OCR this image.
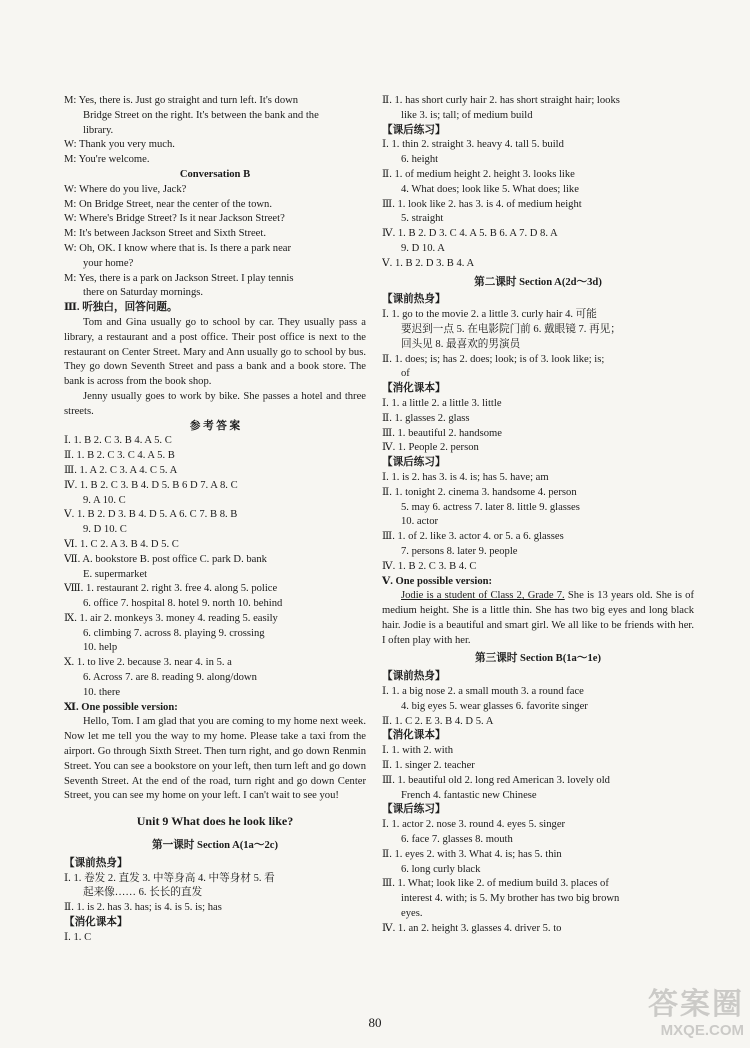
M: Yes, there is. Just go straight and turn left. It's down
Bridge Street on the right. It's between the bank and the
library.
W: Thank you very much.
M: You're welcome.
Conversation B
W: Where do you live, Jack?
M: On Bridge Street, near the center of the town.
W: Where's Bridge Street? Is it near Jackson Street?
M: It's between Jackson Street and Sixth Street.
W: Oh, OK. I know where that is. Is there a park near
your home?
M: Yes, there is a park on Jackson Street. I play tennis
there on Saturday mornings.
Ⅲ. 听独白，回答问题。
Tom and Gina usually go to school by car. They usually pass a library, a restaurant and a post office. Their post office is next to the restaurant on Center Street. Mary and Ann usually go to school by bus. They go down Seventh Street and pass a bank and a book store. The bank is across from the book shop.
Jenny usually goes to work by bike. She passes a hotel and three streets.
参 考 答 案
Ⅰ. 1. B 2. C 3. B 4. A 5. C
Ⅱ. 1. B 2. C 3. C 4. A 5. B
Ⅲ. 1. A 2. C 3. A 4. C 5. A
Ⅳ. 1. B 2. C 3. B 4. D 5. B 6 D 7. A 8. C
9. A 10. C
Ⅴ. 1. B 2. D 3. B 4. D 5. A 6. C 7. B 8. B
9. D 10. C
Ⅵ. 1. C 2. A 3. B 4. D 5. C
Ⅶ. A. bookstore B. post office C. park D. bank
E. supermarket
Ⅷ. 1. restaurant 2. right 3. free 4. along 5. police
6. office 7. hospital 8. hotel 9. north 10. behind
Ⅸ. 1. air 2. monkeys 3. money 4. reading 5. easily
6. climbing 7. across 8. playing 9. crossing
10. help
Ⅹ. 1. to live 2. because 3. near 4. in 5. a
6. Across 7. are 8. reading 9. along/down
10. there
Ⅺ. One possible version:
Hello, Tom. I am glad that you are coming to my home next week. Now let me tell you the way to my home. Please take a taxi from the airport. Go through Sixth Street. Then turn right, and go down Renmin Street. You can see a bookstore on your left, then turn left and go down Seventh Street. At the end of the road, turn right and go down Center Street, you can see my home on your left. I can't wait to see you!
Unit 9 What does he look like?
第一课时 Section A(1a～2c)
【课前热身】
Ⅰ. 1. 卷发 2. 直发 3. 中等身高 4. 中等身材 5. 看
起来像…… 6. 长长的直发
Ⅱ. 1. is 2. has 3. has; is 4. is 5. is; has
【消化课本】
Ⅰ. 1. C
Ⅱ. 1. has short curly hair 2. has short straight hair; looks
like 3. is; tall; of medium build
【课后练习】
Ⅰ. 1. thin 2. straight 3. heavy 4. tall 5. build
6. height
Ⅱ. 1. of medium height 2. height 3. looks like
4. What does; look like 5. What does; like
Ⅲ. 1. look like 2. has 3. is 4. of medium height
5. straight
Ⅳ. 1. B 2. D 3. C 4. A 5. B 6. A 7. D 8. A
9. D 10. A
Ⅴ. 1. B 2. D 3. B 4. A
第二课时 Section A(2d～3d)
【课前热身】
Ⅰ. 1. go to the movie 2. a little 3. curly hair 4. 可能
要迟到一点 5. 在电影院门前 6. 戴眼镜 7. 再见；
回头见 8. 最喜欢的男演员
Ⅱ. 1. does; is; has 2. does; look; is of 3. look like; is;
of
【消化课本】
Ⅰ. 1. a little 2. a little 3. little
Ⅱ. 1. glasses 2. glass
Ⅲ. 1. beautiful 2. handsome
Ⅳ. 1. People 2. person
【课后练习】
Ⅰ. 1. is 2. has 3. is 4. is; has 5. have; am
Ⅱ. 1. tonight 2. cinema 3. handsome 4. person
5. may 6. actress 7. later 8. little 9. glasses
10. actor
Ⅲ. 1. of 2. like 3. actor 4. or 5. a 6. glasses
7. persons 8. later 9. people
Ⅳ. 1. B 2. C 3. B 4. C
Ⅴ. One possible version:
Jodie is a student of Class 2, Grade 7. She is 13 years old. She is of medium height. She is a little thin. She has two big eyes and long black hair. Jodie is a beautiful and smart girl. We all like to be friends with her. I often play with her.
第三课时 Section B(1a～1e)
【课前热身】
Ⅰ. 1. a big nose 2. a small mouth 3. a round face
4. big eyes 5. wear glasses 6. favorite singer
Ⅱ. 1. C 2. E 3. B 4. D 5. A
【消化课本】
Ⅰ. 1. with 2. with
Ⅱ. 1. singer 2. teacher
Ⅲ. 1. beautiful old 2. long red American 3. lovely old
French 4. fantastic new Chinese
【课后练习】
Ⅰ. 1. actor 2. nose 3. round 4. eyes 5. singer
6. face 7. glasses 8. mouth
Ⅱ. 1. eyes 2. with 3. What 4. is; has 5. thin
6. long curly black
Ⅲ. 1. What; look like 2. of medium build 3. places of
interest 4. with; is 5. My brother has two big brown
eyes.
Ⅳ. 1. an 2. height 3. glasses 4. driver 5. to
80
答案圈
MXQE.COM
